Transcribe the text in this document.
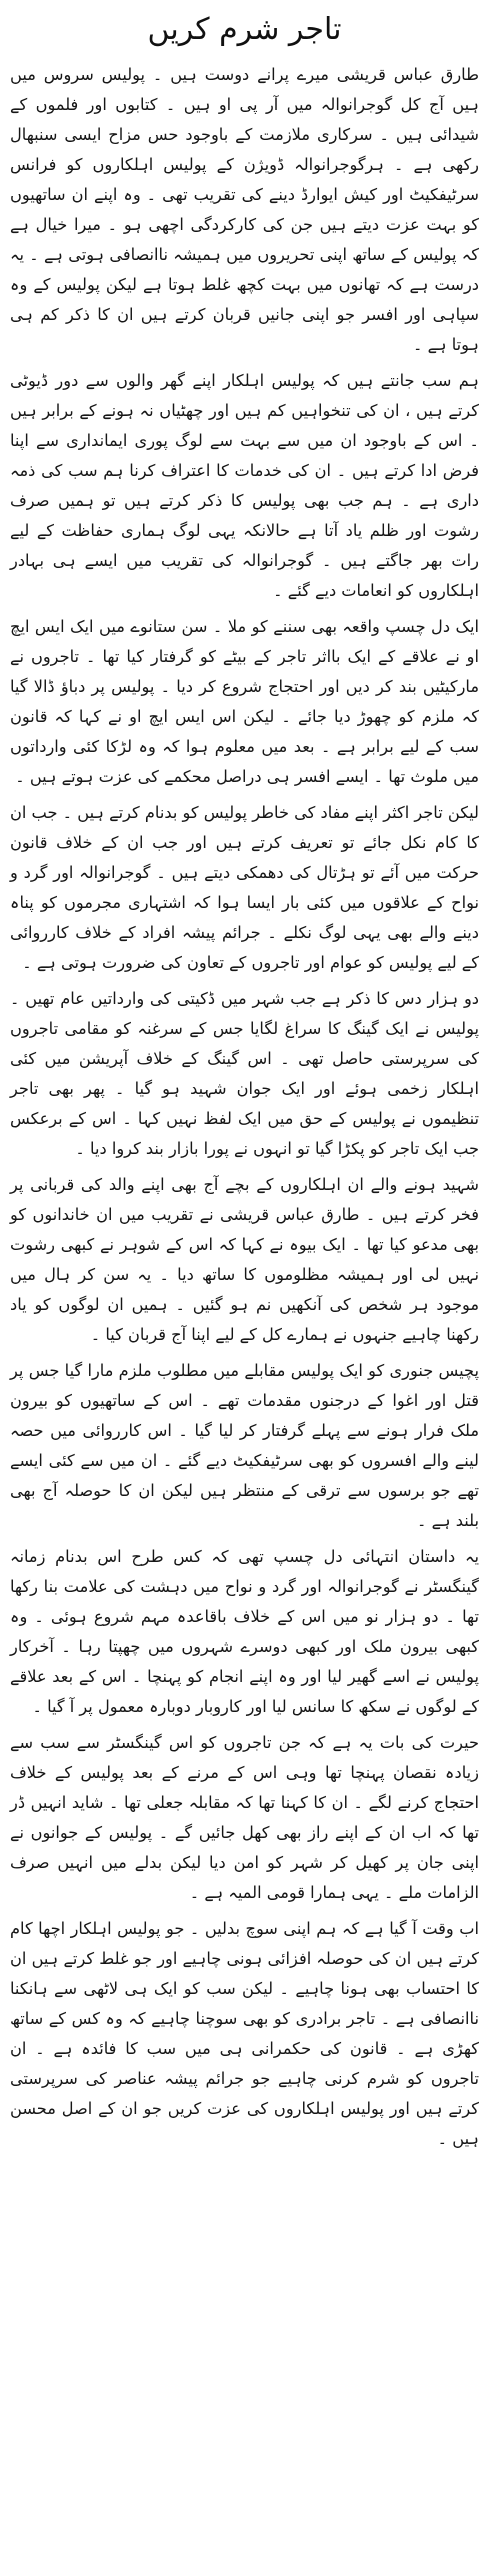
تاجر شرم کریں

طارق عباس قریشی میرے پرانے دوست ہیں ۔ پولیس سروس میں ہیں آج کل گوجرانوالہ میں آر پی او ہیں ۔ کتابوں اور فلموں کے شیدائی ہیں ۔ سرکاری ملازمت کے باوجود حس مزاح ایسی سنبھال رکھی ہے ۔ ہرگوجرانوالہ ڈویژن کے پولیس اہلکاروں کو فرانس سرٹیفکیٹ اور کیش ایوارڈ دینے کی تقریب تھی ۔ وہ اپنے ان ساتھیوں کو بہت عزت دیتے ہیں جن کی کارکردگی اچھی ہو ۔ میرا خیال ہے کہ پولیس کے ساتھ اپنی تحریروں میں ہمیشہ ناانصافی ہوتی ہے ۔ یہ درست ہے کہ تھانوں میں بہت کچھ غلط ہوتا ہے لیکن پولیس کے وہ سپاہی اور افسر جو اپنی جانیں قربان کرتے ہیں ان کا ذکر کم ہی ہوتا ہے ۔

ہم سب جانتے ہیں کہ پولیس اہلکار اپنے گھر والوں سے دور ڈیوٹی کرتے ہیں ، ان کی تنخواہیں کم ہیں اور چھٹیاں نہ ہونے کے برابر ہیں ۔ اس کے باوجود ان میں سے بہت سے لوگ پوری ایمانداری سے اپنا فرض ادا کرتے ہیں ۔ ان کی خدمات کا اعتراف کرنا ہم سب کی ذمہ داری ہے ۔ ہم جب بھی پولیس کا ذکر کرتے ہیں تو ہمیں صرف رشوت اور ظلم یاد آتا ہے حالانکہ یہی لوگ ہماری حفاظت کے لیے رات بھر جاگتے ہیں ۔ گوجرانوالہ کی تقریب میں ایسے ہی بہادر اہلکاروں کو انعامات دیے گئے ۔

ایک دل چسپ واقعہ بھی سننے کو ملا ۔ سن ستانوے میں ایک ایس ایچ او نے علاقے کے ایک بااثر تاجر کے بیٹے کو گرفتار کیا تھا ۔ تاجروں نے مارکیٹیں بند کر دیں اور احتجاج شروع کر دیا ۔ پولیس پر دباؤ ڈالا گیا کہ ملزم کو چھوڑ دیا جائے ۔ لیکن اس ایس ایچ او نے کہا کہ قانون سب کے لیے برابر ہے ۔ بعد میں معلوم ہوا کہ وہ لڑکا کئی وارداتوں میں ملوث تھا ۔ ایسے افسر ہی دراصل محکمے کی عزت ہوتے ہیں ۔

لیکن تاجر اکثر اپنے مفاد کی خاطر پولیس کو بدنام کرتے ہیں ۔ جب ان کا کام نکل جائے تو تعریف کرتے ہیں اور جب ان کے خلاف قانون حرکت میں آئے تو ہڑتال کی دھمکی دیتے ہیں ۔ گوجرانوالہ اور گرد و نواح کے علاقوں میں کئی بار ایسا ہوا کہ اشتہاری مجرموں کو پناہ دینے والے بھی یہی لوگ نکلے ۔ جرائم پیشہ افراد کے خلاف کارروائی کے لیے پولیس کو عوام اور تاجروں کے تعاون کی ضرورت ہوتی ہے ۔

دو ہزار دس کا ذکر ہے جب شہر میں ڈکیتی کی وارداتیں عام تھیں ۔ پولیس نے ایک گینگ کا سراغ لگایا جس کے سرغنہ کو مقامی تاجروں کی سرپرستی حاصل تھی ۔ اس گینگ کے خلاف آپریشن میں کئی اہلکار زخمی ہوئے اور ایک جوان شہید ہو گیا ۔ پھر بھی تاجر تنظیموں نے پولیس کے حق میں ایک لفظ نہیں کہا ۔ اس کے برعکس جب ایک تاجر کو پکڑا گیا تو انہوں نے پورا بازار بند کروا دیا ۔

شہید ہونے والے ان اہلکاروں کے بچے آج بھی اپنے والد کی قربانی پر فخر کرتے ہیں ۔ طارق عباس قریشی نے تقریب میں ان خاندانوں کو بھی مدعو کیا تھا ۔ ایک بیوہ نے کہا کہ اس کے شوہر نے کبھی رشوت نہیں لی اور ہمیشہ مظلوموں کا ساتھ دیا ۔ یہ سن کر ہال میں موجود ہر شخص کی آنکھیں نم ہو گئیں ۔ ہمیں ان لوگوں کو یاد رکھنا چاہیے جنہوں نے ہمارے کل کے لیے اپنا آج قربان کیا ۔

پچیس جنوری کو ایک پولیس مقابلے میں مطلوب ملزم مارا گیا جس پر قتل اور اغوا کے درجنوں مقدمات تھے ۔ اس کے ساتھیوں کو بیرون ملک فرار ہونے سے پہلے گرفتار کر لیا گیا ۔ اس کارروائی میں حصہ لینے والے افسروں کو بھی سرٹیفکیٹ دیے گئے ۔ ان میں سے کئی ایسے تھے جو برسوں سے ترقی کے منتظر ہیں لیکن ان کا حوصلہ آج بھی بلند ہے ۔

یہ داستان انتہائی دل چسپ تھی کہ کس طرح اس بدنام زمانہ گینگسٹر نے گوجرانوالہ اور گرد و نواح میں دہشت کی علامت بنا رکھا تھا ۔ دو ہزار نو میں اس کے خلاف باقاعدہ مہم شروع ہوئی ۔ وہ کبھی بیرون ملک اور کبھی دوسرے شہروں میں چھپتا رہا ۔ آخرکار پولیس نے اسے گھیر لیا اور وہ اپنے انجام کو پہنچا ۔ اس کے بعد علاقے کے لوگوں نے سکھ کا سانس لیا اور کاروبار دوبارہ معمول پر آ گیا ۔

حیرت کی بات یہ ہے کہ جن تاجروں کو اس گینگسٹر سے سب سے زیادہ نقصان پہنچا تھا وہی اس کے مرنے کے بعد پولیس کے خلاف احتجاج کرنے لگے ۔ ان کا کہنا تھا کہ مقابلہ جعلی تھا ۔ شاید انہیں ڈر تھا کہ اب ان کے اپنے راز بھی کھل جائیں گے ۔ پولیس کے جوانوں نے اپنی جان پر کھیل کر شہر کو امن دیا لیکن بدلے میں انہیں صرف الزامات ملے ۔ یہی ہمارا قومی المیہ ہے ۔

اب وقت آ گیا ہے کہ ہم اپنی سوچ بدلیں ۔ جو پولیس اہلکار اچھا کام کرتے ہیں ان کی حوصلہ افزائی ہونی چاہیے اور جو غلط کرتے ہیں ان کا احتساب بھی ہونا چاہیے ۔ لیکن سب کو ایک ہی لاٹھی سے ہانکنا ناانصافی ہے ۔ تاجر برادری کو بھی سوچنا چاہیے کہ وہ کس کے ساتھ کھڑی ہے ۔ قانون کی حکمرانی ہی میں سب کا فائدہ ہے ۔ ان تاجروں کو شرم کرنی چاہیے جو جرائم پیشہ عناصر کی سرپرستی کرتے ہیں اور پولیس اہلکاروں کی عزت کریں جو ان کے اصل محسن ہیں ۔
